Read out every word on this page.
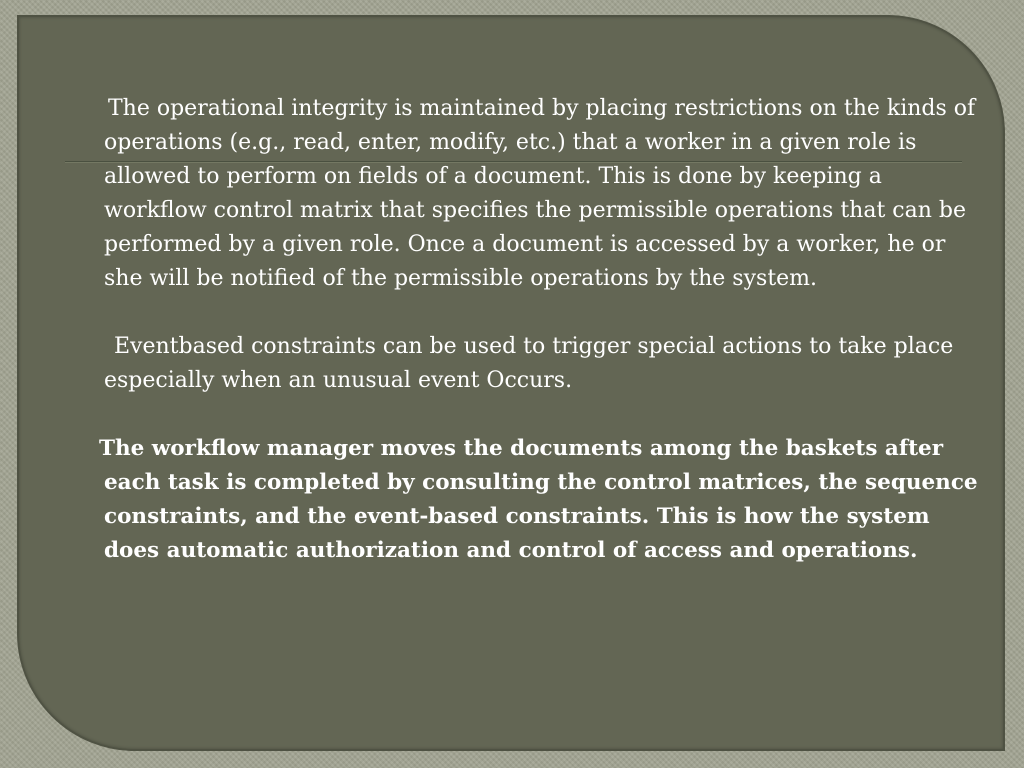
The operational integrity is maintained by placing restrictions on the kinds of operations (e.g., read, enter, modify, etc.) that a worker in a given role is allowed to perform on fields of a document. This is done by keeping a workflow control matrix that specifies the permissible operations that can be performed by a given role. Once a document is accessed by a worker, he or she will be notified of the permissible operations by the system.

Eventbased constraints can be used to trigger special actions to take place especially when an unusual event Occurs.

The workflow manager moves the documents among the baskets after each task is completed by consulting the control matrices, the sequence constraints, and the event-based constraints. This is how the system does automatic authorization and control of access and operations.
